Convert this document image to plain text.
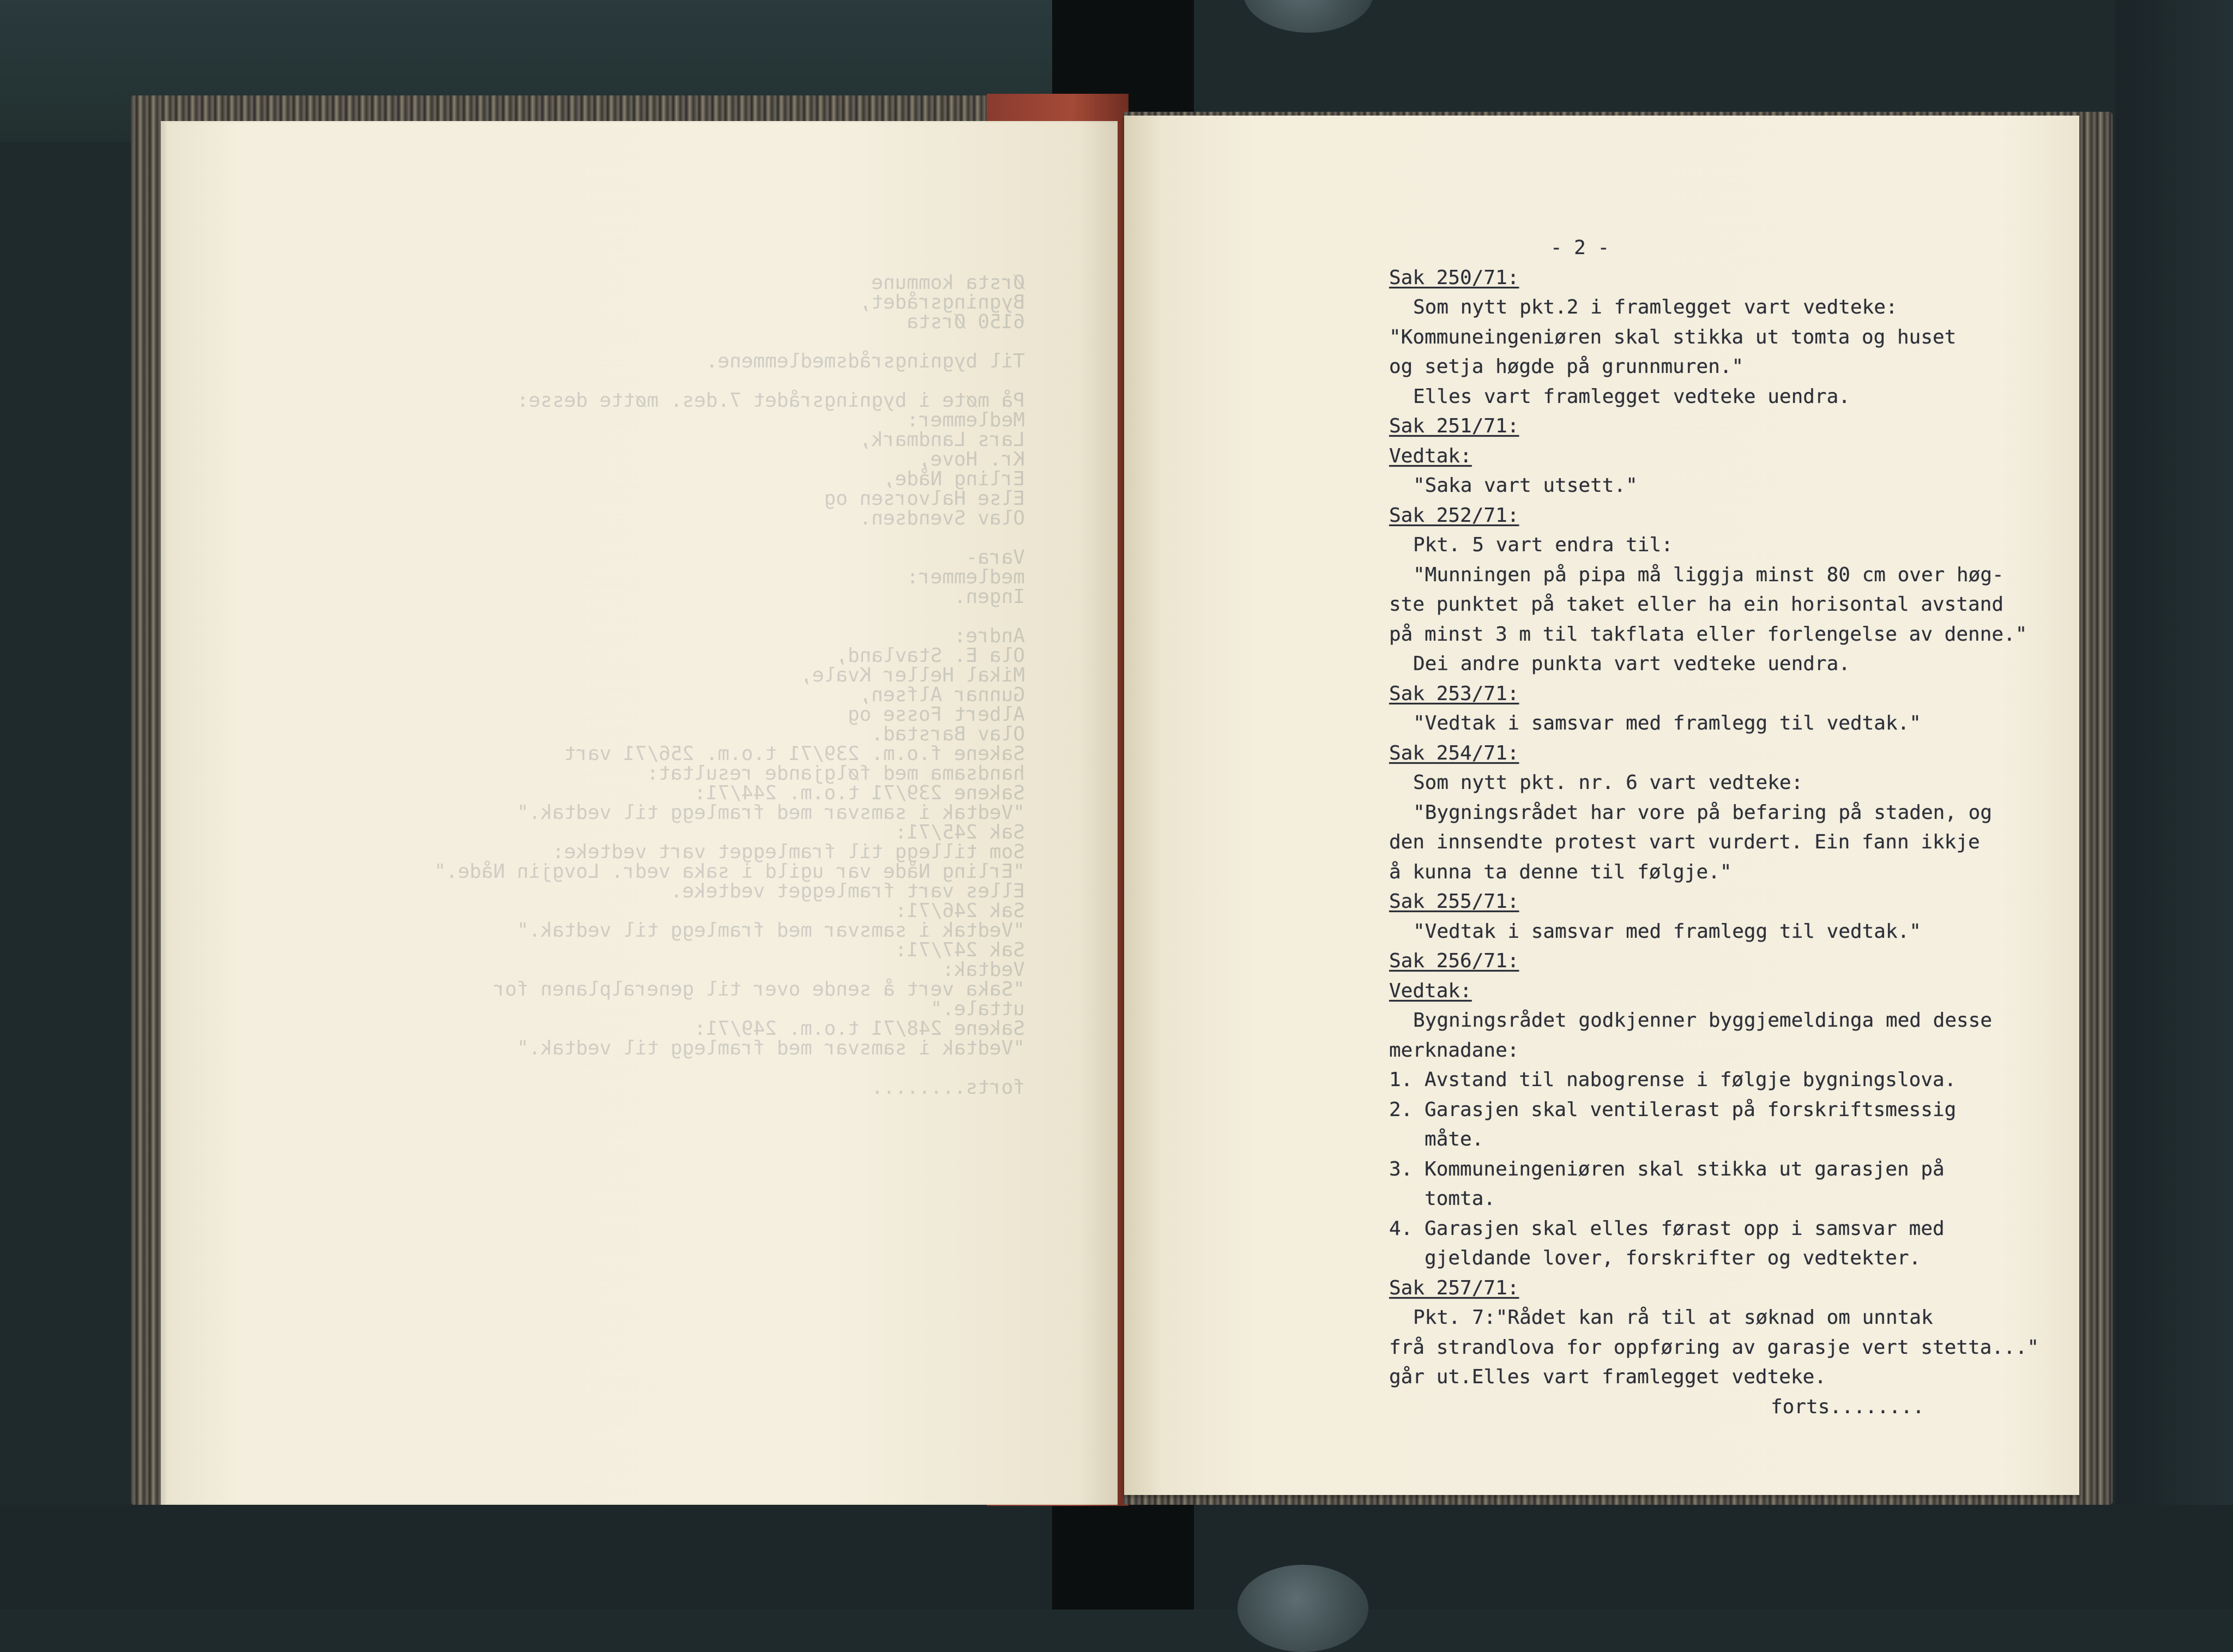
Ørsta kommune
Bygningsrådet,
6150 Ørsta
Til bygningsrådsmedlemmene.
På møte i bygningsrådet 7.des. møtte desse:
Medlemmer:
Lars Landmark,
Kr. Hove,
Erling Nåde,
Else Halvorsen og
Olav Svendsen.
Vara-
medlemmer:
Ingen.
Andre:
Ola E. Stavland,
Mikal Heller Kvale,
Gunnar Alfsen,
Albert Fosse og
Olav Barstad.
Sakene f.o.m. 239/71 t.o.m. 256/71 vart
handsama med følgjande resultat:
Sakene 239/71 t.o.m. 244/71:
"Vedtak i samsvar med framlegg til vedtak."
Sak 245/71:
Som tillegg til framlegget vart vedteke:
"Erling Nåde var ugild i saka vedr. Lovgjin Nåde."
Elles vart framlegget vedteke.
Sak 246/71:
"Vedtak i samsvar med framlegg til vedtak."
Sak 247/71:
Vedtak:
"Saka vert å sende over til generalplanen for
uttale."
Sakene 248/71 t.o.m. 249/71:
"Vedtak i samsvar med framlegg til vedtak."
forts........
- 2 -
Sak 250/71:
Som nytt pkt.2 i framlegget vart vedteke:
"Kommuneingeniøren skal stikka ut tomta og huset
og setja høgde på grunnmuren."
Elles vart framlegget vedteke uendra.
Sak 251/71:
Vedtak:
"Saka vart utsett."
Sak 252/71:
Pkt. 5 vart endra til:
"Munningen på pipa må liggja minst 80 cm over høg-
ste punktet på taket eller ha ein horisontal avstand
på minst 3 m til takflata eller forlengelse av denne."
Dei andre punkta vart vedteke uendra.
Sak 253/71:
"Vedtak i samsvar med framlegg til vedtak."
Sak 254/71:
Som nytt pkt. nr. 6 vart vedteke:
"Bygningsrådet har vore på befaring på staden, og
den innsendte protest vart vurdert. Ein fann ikkje
å kunna ta denne til følgje."
Sak 255/71:
"Vedtak i samsvar med framlegg til vedtak."
Sak 256/71:
Vedtak:
Bygningsrådet godkjenner byggjemeldinga med desse
merknadane:
1. Avstand til nabogrense i følgje bygningslova.
2. Garasjen skal ventilerast på forskriftsmessig
måte.
3. Kommuneingeniøren skal stikka ut garasjen på
tomta.
4. Garasjen skal elles førast opp i samsvar med
gjeldande lover, forskrifter og vedtekter.
Sak 257/71:
Pkt. 7:"Rådet kan rå til at søknad om unntak
frå strandlova for oppføring av garasje vert stetta..."
går ut.Elles vart framlegget vedteke.
forts........
